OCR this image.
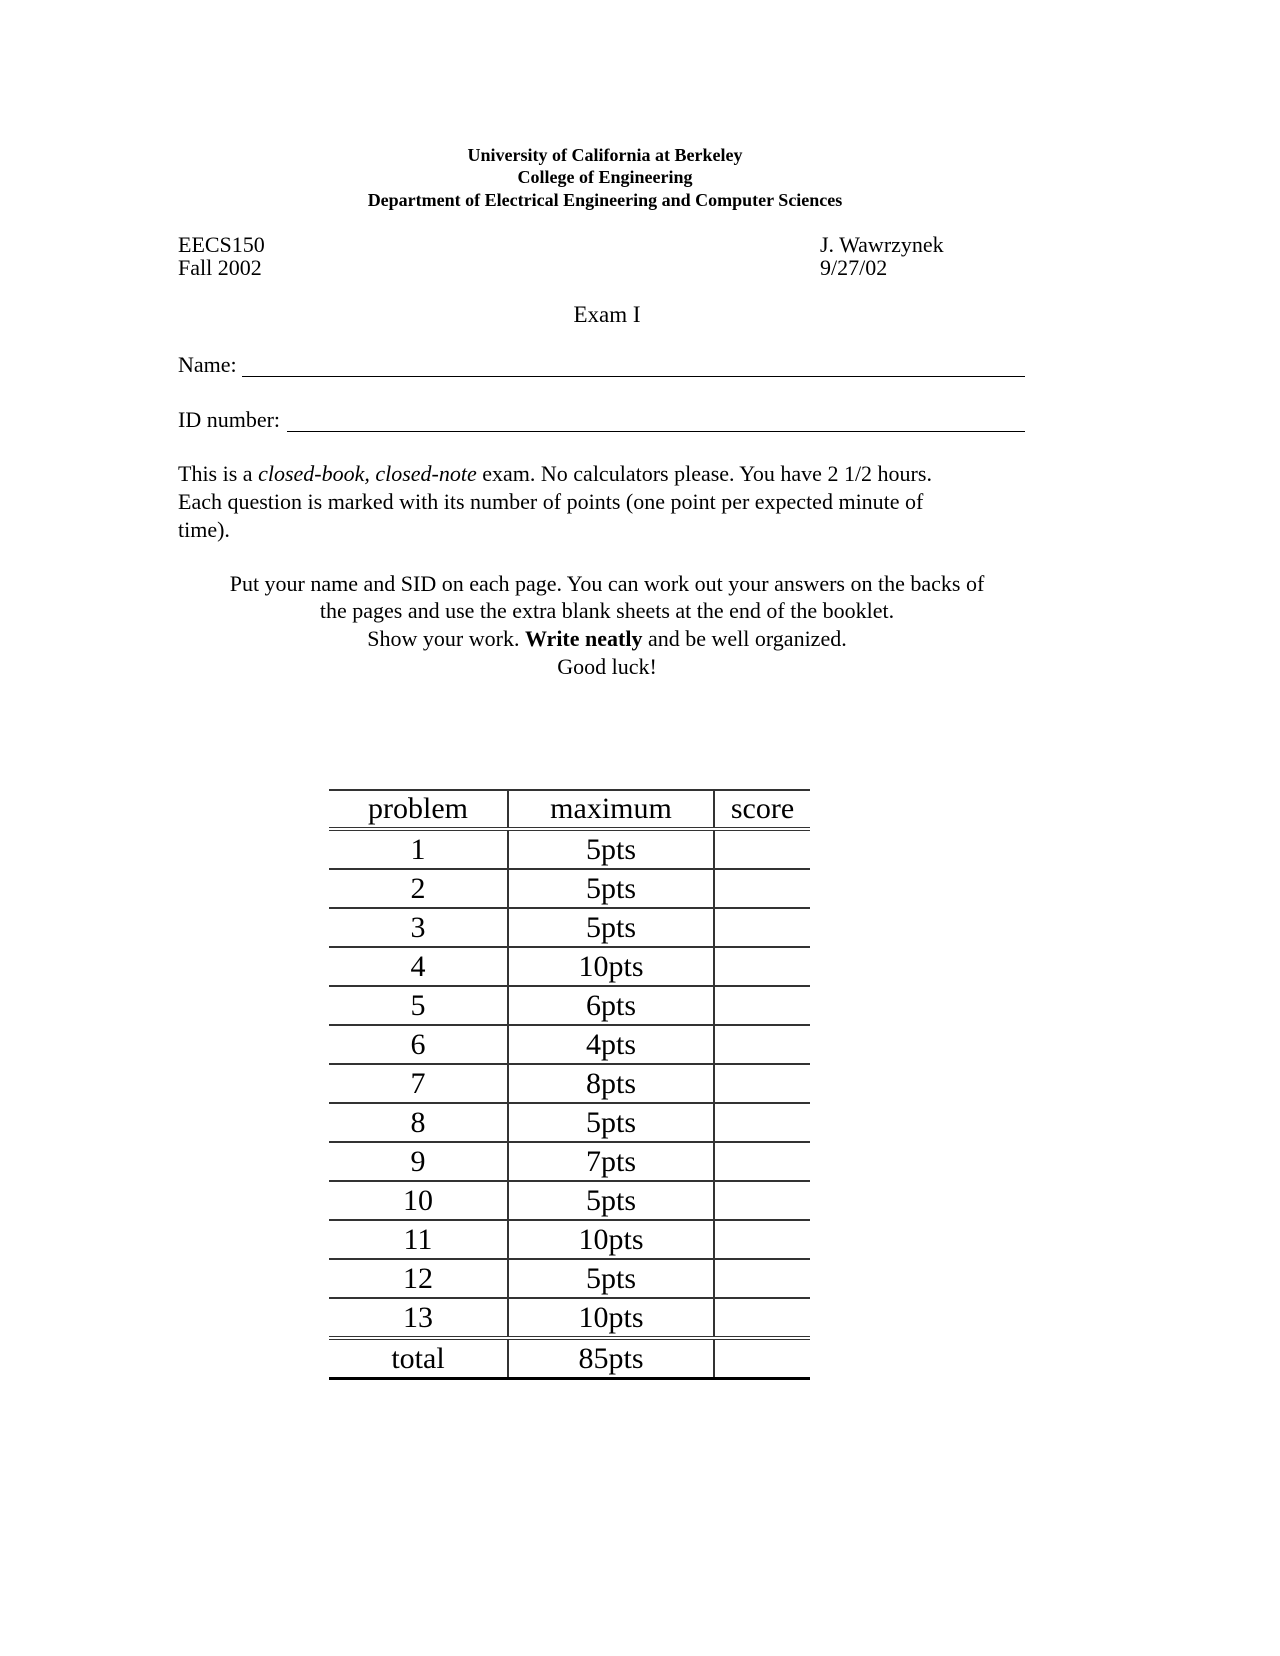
University of California at Berkeley
College of Engineering
Department of Electrical Engineering and Computer Sciences
EECS150
Fall 2002
J. Wawrzynek
9/27/02
Exam I
Name:
ID number:
This is a closed-book, closed-note exam. No calculators please. You have 2 1/2 hours.
Each question is marked with its number of points (one point per expected minute of
time).
Put your name and SID on each page. You can work out your answers on the backs of
the pages and use the extra blank sheets at the end of the booklet.
Show your work. Write neatly and be well organized.
Good luck!
problem	maximum	score
1	5pts	
2	5pts	
3	5pts	
4	10pts	
5	6pts	
6	4pts	
7	8pts	
8	5pts	
9	7pts	
10	5pts	
11	10pts	
12	5pts	
13	10pts	
total	85pts	
